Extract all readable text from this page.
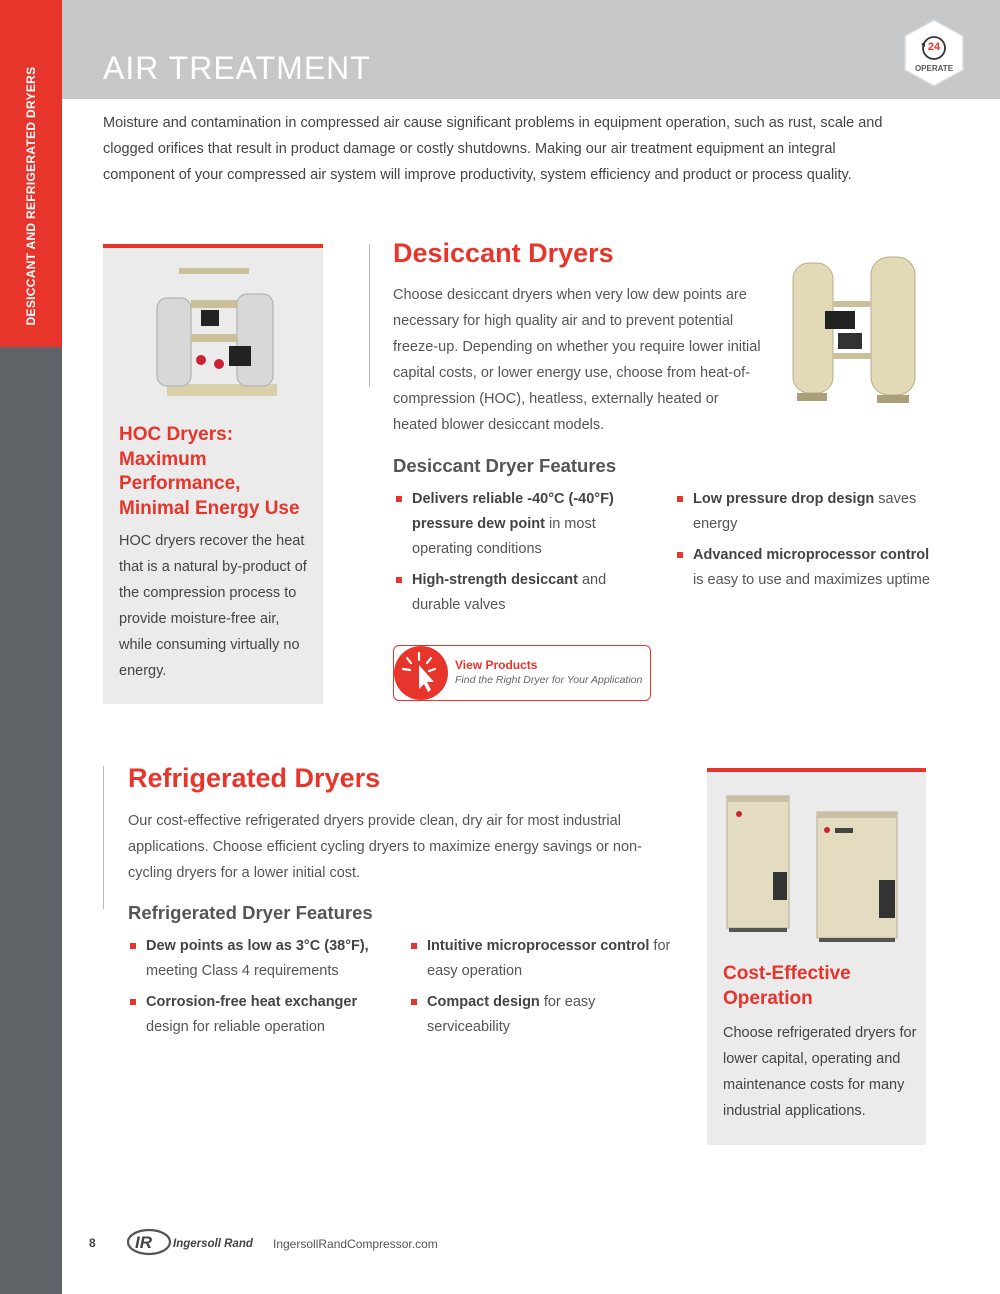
DESICCANT AND REFRIGERATED DRYERS AIR TREATMENT
24
OPERATE

Moisture and contamination in compressed air cause significant problems in equipment operation, such as rust, scale and clogged orifices that result in product damage or costly shutdowns. Making our air treatment equipment an integral component of your compressed air system will improve productivity, system efficiency and product or process quality.

HOC Dryers: Maximum Performance, Minimal Energy Use

HOC dryers recover the heat that is a natural by-product of the compression process to provide moisture-free air, while consuming virtually no energy.

Desiccant Dryers

Choose desiccant dryers when very low dew points are necessary for high quality air and to prevent potential freeze-up. Depending on whether you require lower initial capital costs, or lower energy use, choose from heat-of-compression (HOC), heatless, externally heated or heated blower desiccant models.

Desiccant Dryer Features
Delivers reliable -40°C (-40°F) pressure dew point in most operating conditions
High-strength desiccant and durable valves
Low pressure drop design saves energy
Advanced microprocessor control is easy to use and maximizes uptime
View Products
Find the Right Dryer for Your Application
Refrigerated Dryers

Our cost-effective refrigerated dryers provide clean, dry air for most industrial applications. Choose efficient cycling dryers to maximize energy savings or non-cycling dryers for a lower initial cost.

Refrigerated Dryer Features
Dew points as low as 3°C (38°F), meeting Class 4 requirements
Corrosion-free heat exchanger design for reliable operation
Intuitive microprocessor control for easy operation
Compact design for easy serviceability
Cost-Effective Operation

Choose refrigerated dryers for lower capital, operating and maintenance costs for many industrial applications.

8 IR Ingersoll Rand IngersollRandCompressor.com
